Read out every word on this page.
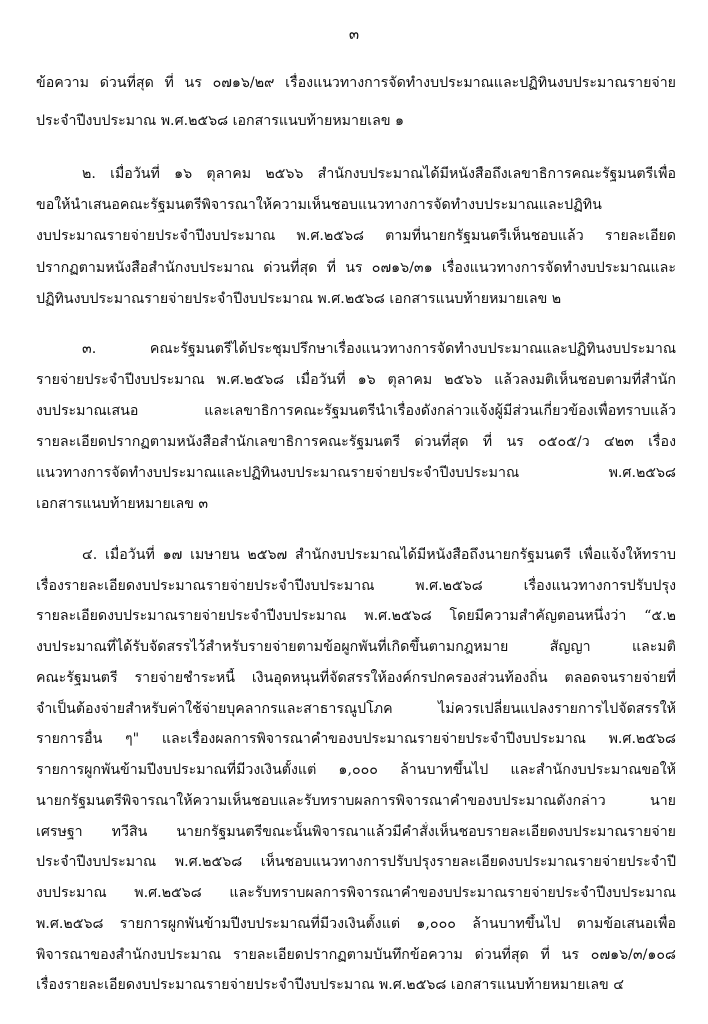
๓
ข้อความ ด่วนที่สุด ที่ นร ๐๗๑๖/๒๙ เรื่องแนวทางการจัดทำงบประมาณและปฏิทินงบประมาณรายจ่าย
ประจำปีงบประมาณ พ.ศ.๒๕๖๘ เอกสารแนบท้ายหมายเลข ๑
๒. เมื่อวันที่ ๑๖ ตุลาคม ๒๕๖๖ สำนักงบประมาณได้มีหนังสือถึงเลขาธิการคณะรัฐมนตรีเพื่อ
ขอให้นำเสนอคณะรัฐมนตรีพิจารณาให้ความเห็นชอบแนวทางการจัดทำงบประมาณและปฏิทิน
งบประมาณรายจ่ายประจำปีงบประมาณ พ.ศ.๒๕๖๘ ตามที่นายกรัฐมนตรีเห็นชอบแล้ว รายละเอียด
ปรากฏตามหนังสือสำนักงบประมาณ ด่วนที่สุด ที่ นร ๐๗๑๖/๓๑ เรื่องแนวทางการจัดทำงบประมาณและ
ปฏิทินงบประมาณรายจ่ายประจำปีงบประมาณ พ.ศ.๒๕๖๘ เอกสารแนบท้ายหมายเลข ๒
๓. คณะรัฐมนตรีได้ประชุมปรึกษาเรื่องแนวทางการจัดทำงบประมาณและปฏิทินงบประมาณ
รายจ่ายประจำปีงบประมาณ พ.ศ.๒๕๖๘ เมื่อวันที่ ๑๖ ตุลาคม ๒๕๖๖ แล้วลงมติเห็นชอบตามที่สำนัก
งบประมาณเสนอ และเลขาธิการคณะรัฐมนตรีนำเรื่องดังกล่าวแจ้งผู้มีส่วนเกี่ยวข้องเพื่อทราบแล้ว
รายละเอียดปรากฏตามหนังสือสำนักเลขาธิการคณะรัฐมนตรี ด่วนที่สุด ที่ นร ๐๕๐๕/ว ๔๒๓ เรื่อง
แนวทางการจัดทำงบประมาณและปฏิทินงบประมาณรายจ่ายประจำปีงบประมาณ พ.ศ.๒๕๖๘
เอกสารแนบท้ายหมายเลข ๓
๔. เมื่อวันที่ ๑๗ เมษายน ๒๕๖๗ สำนักงบประมาณได้มีหนังสือถึงนายกรัฐมนตรี เพื่อแจ้งให้ทราบ
เรื่องรายละเอียดงบประมาณรายจ่ายประจำปีงบประมาณ พ.ศ.๒๕๖๘ เรื่องแนวทางการปรับปรุง
รายละเอียดงบประมาณรายจ่ายประจำปีงบประมาณ พ.ศ.๒๕๖๘ โดยมีความสำคัญตอนหนึ่งว่า “๕.๒
งบประมาณที่ได้รับจัดสรรไว้สำหรับรายจ่ายตามข้อผูกพันที่เกิดขึ้นตามกฎหมาย สัญญา และมติ
คณะรัฐมนตรี รายจ่ายชำระหนี้ เงินอุดหนุนที่จัดสรรให้องค์กรปกครองส่วนท้องถิ่น ตลอดจนรายจ่ายที่
จำเป็นต้องจ่ายสำหรับค่าใช้จ่ายบุคลากรและสาธารณูปโภค ไม่ควรเปลี่ยนแปลงรายการไปจัดสรรให้
รายการอื่น ๆ" และเรื่องผลการพิจารณาคำของบประมาณรายจ่ายประจำปีงบประมาณ พ.ศ.๒๕๖๘
รายการผูกพันข้ามปีงบประมาณที่มีวงเงินตั้งแต่ ๑,๐๐๐ ล้านบาทขึ้นไป และสำนักงบประมาณขอให้
นายกรัฐมนตรีพิจารณาให้ความเห็นชอบและรับทราบผลการพิจารณาคำของบประมาณดังกล่าว นาย
เศรษฐา ทวีสิน นายกรัฐมนตรีขณะนั้นพิจารณาแล้วมีคำสั่งเห็นชอบรายละเอียดงบประมาณรายจ่าย
ประจำปีงบประมาณ พ.ศ.๒๕๖๘ เห็นชอบแนวทางการปรับปรุงรายละเอียดงบประมาณรายจ่ายประจำปี
งบประมาณ พ.ศ.๒๕๖๘ และรับทราบผลการพิจารณาคำของบประมาณรายจ่ายประจำปีงบประมาณ
พ.ศ.๒๕๖๘ รายการผูกพันข้ามปีงบประมาณที่มีวงเงินตั้งแต่ ๑,๐๐๐ ล้านบาทขึ้นไป ตามข้อเสนอเพื่อ
พิจารณาของสำนักงบประมาณ รายละเอียดปรากฏตามบันทึกข้อความ ด่วนที่สุด ที่ นร ๐๗๑๖/๓/๑๐๘
เรื่องรายละเอียดงบประมาณรายจ่ายประจำปีงบประมาณ พ.ศ.๒๕๖๘ เอกสารแนบท้ายหมายเลข ๔
